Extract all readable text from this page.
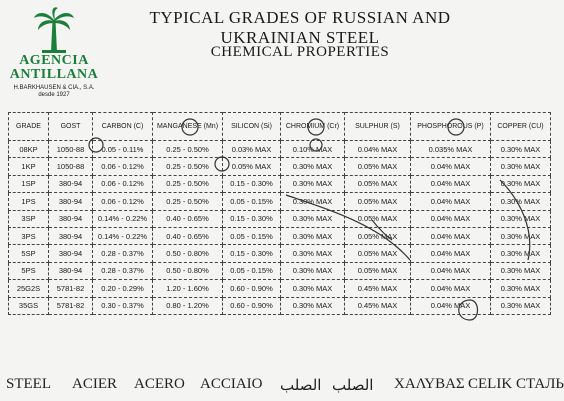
AGENCIA
ANTILLANA
H.BARKHAUSEN & CIA., S.A.
desde 1927
TYPICAL GRADES OF RUSSIAN AND UKRAINIAN STEEL
CHEMICAL PROPERTIES
GRADE	GOST	CARBON (C)	MANGANESE (Mn)	SILICON (Si)	CHROMIUM (Cr)	SULPHUR (S)	PHOSPHOROUS (P)	COPPER (CU)
08KP	1050-88	0.05 - 0.11%	0.25 - 0.50%	0.03% MAX	0.10% MAX	0.04% MAX	0.035% MAX	0.30% MAX
1KP	1050-88	0.06 - 0.12%	0.25 - 0.50%	0.05% MAX	0.30% MAX	0.05% MAX	0.04% MAX	0.30% MAX
1SP	380-94	0.06 - 0.12%	0.25 - 0.50%	0.15 - 0.30%	0.30% MAX	0.05% MAX	0.04% MAX	0.30% MAX
1PS	380-94	0.06 - 0.12%	0.25 - 0.50%	0.05 - 0.15%	0.30% MAX	0.05% MAX	0.04% MAX	0.30% MAX
3SP	380-94	0.14% - 0.22%	0.40 - 0.65%	0.15 - 0.30%	0.30% MAX	0.05% MAX	0.04% MAX	0.30% MAX
3PS	380-94	0.14% - 0.22%	0.40 - 0.65%	0.05 - 0.15%	0.30% MAX	0.05% MAX	0.04% MAX	0.30% MAX
5SP	380-94	0.28 - 0.37%	0.50 - 0.80%	0.15 - 0.30%	0.30% MAX	0.05% MAX	0.04% MAX	0.30% MAX
5PS	380-94	0.28 - 0.37%	0.50 - 0.80%	0.05 - 0.15%	0.30% MAX	0.05% MAX	0.04% MAX	0.30% MAX
25G2S	5781-82	0.20 - 0.29%	1.20 - 1.60%	0.60 - 0.90%	0.30% MAX	0.45% MAX	0.04% MAX	0.30% MAX
35GS	5781-82	0.30 - 0.37%	0.80 - 1.20%	0.60 - 0.90%	0.30% MAX	0.45% MAX	0.04% MAX	0.30% MAX
STEEL ACIER ACERO ACCIAIO الصلب الصلب ΧΑΛΥΒΑΣ CELIK СТАЛЬ
